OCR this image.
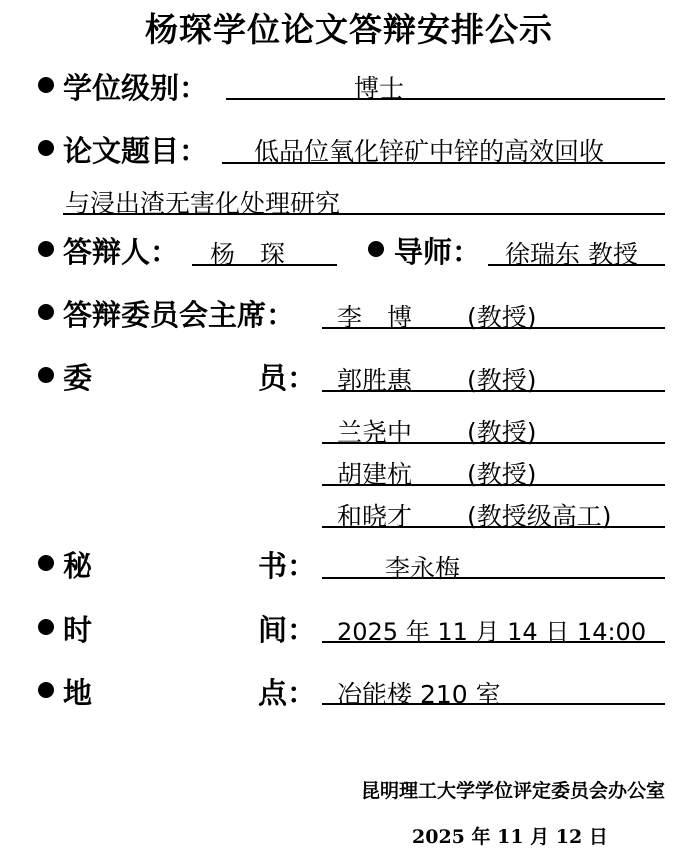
杨琛学位论文答辩安排公示
学位级别：	博士
论文题目： 低品位氧化锌矿中锌的高效回收
与浸出渣无害化处理研究
答辩人： 杨　琛	导师： 徐瑞东 教授
答辩委员会主席： 李　博 (教授)
委	员： 郭胜惠 (教授)
兰尧中 (教授)
胡建杭 (教授)
和晓才 (教授级高工)
秘	书：	李永梅
时	间： 2025 年 11 月 14 日 14:00
地	点： 冶能楼 210 室
昆明理工大学学位评定委员会办公室
2025 年 11 月 12 日
